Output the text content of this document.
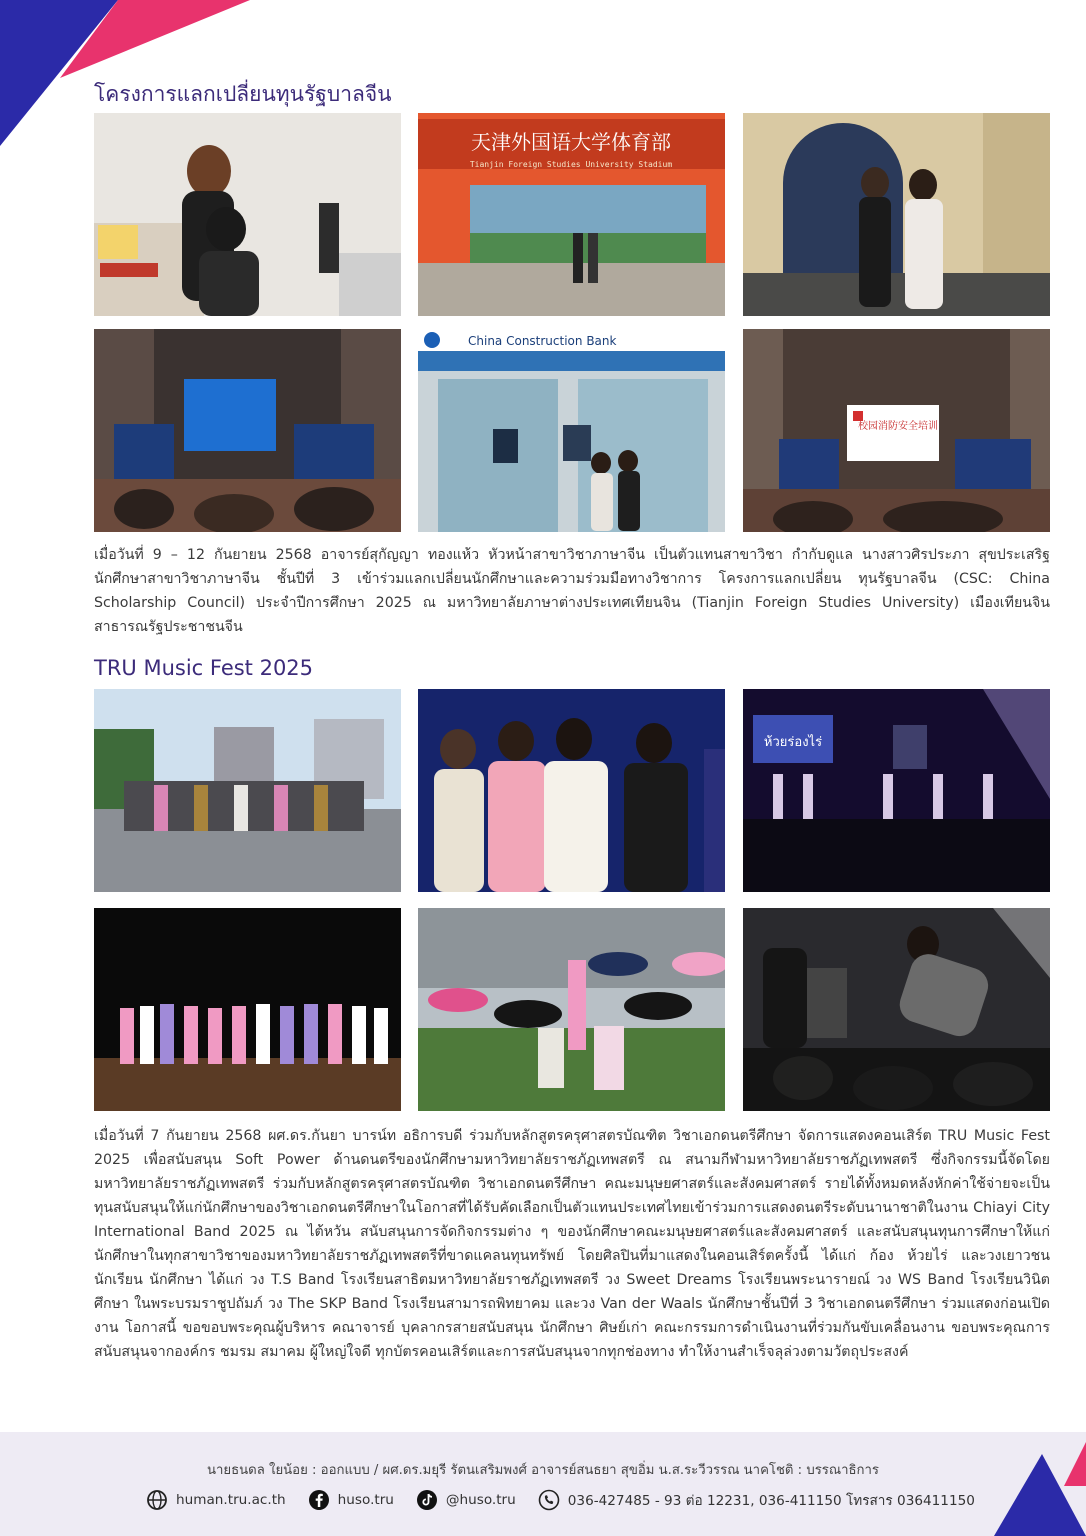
โครงการแลกเปลี่ยนทุนรัฐบาลจีน
天津外国语大学体育部
Tianjin Foreign Studies University Stadium
China Construction Bank
校园消防安全培训

เมื่อวันที่ 9 – 12 กันยายน 2568 อาจารย์สุกัญญา ทองแห้ว หัวหน้าสาขาวิชาภาษาจีน เป็นตัวแทนสาขาวิชา กำกับดูแล นางสาวศิรประภา สุขประเสริฐ นักศึกษาสาขาวิชาภาษาจีน ชั้นปีที่ 3 เข้าร่วมแลกเปลี่ยนนักศึกษาและความร่วมมือทางวิชาการ โครงการแลกเปลี่ยน ทุนรัฐบาลจีน (CSC: China Scholarship Council) ประจำปีการศึกษา 2025 ณ มหาวิทยาลัยภาษาต่างประเทศเทียนจิน (Tianjin Foreign Studies University) เมืองเทียนจิน สาธารณรัฐประชาชนจีน

TRU Music Fest 2025
ห้วยร่องไร่

เมื่อวันที่ 7 กันยายน 2568 ผศ.ดร.กันยา บารน์ท อธิการบดี ร่วมกับหลักสูตรครุศาสตรบัณฑิต วิชาเอกดนตรีศึกษา จัดการแสดงคอนเสิร์ต TRU Music Fest 2025 เพื่อสนับสนุน Soft Power ด้านดนตรีของนักศึกษามหาวิทยาลัยราชภัฏเทพสตรี ณ สนามกีฬามหาวิทยาลัยราชภัฏเทพสตรี ซึ่งกิจกรรมนี้จัดโดยมหาวิทยาลัยราชภัฏเทพสตรี ร่วมกับหลักสูตรครุศาสตรบัณฑิต วิชาเอกดนตรีศึกษา คณะมนุษยศาสตร์และสังคมศาสตร์ รายได้ทั้งหมดหลังหักค่าใช้จ่ายจะเป็นทุนสนับสนุนให้แก่นักศึกษาของวิชาเอกดนตรีศึกษาในโอกาสที่ได้รับคัดเลือกเป็นตัวแทนประเทศไทยเข้าร่วมการแสดงดนตรีระดับนานาชาติในงาน Chiayi City International Band 2025 ณ ไต้หวัน สนับสนุนการจัดกิจกรรมต่าง ๆ ของนักศึกษาคณะมนุษยศาสตร์และสังคมศาสตร์ และสนับสนุนทุนการศึกษาให้แก่นักศึกษาในทุกสาขาวิชาของมหาวิทยาลัยราชภัฏเทพสตรีที่ขาดแคลนทุนทรัพย์ โดยศิลปินที่มาแสดงในคอนเสิร์ตครั้งนี้ ได้แก่ ก้อง ห้วยไร่ และวงเยาวชน นักเรียน นักศึกษา ได้แก่ วง T.S Band โรงเรียนสาธิตมหาวิทยาลัยราชภัฏเทพสตรี วง Sweet Dreams โรงเรียนพระนารายณ์ วง WS Band โรงเรียนวินิตศึกษา ในพระบรมราชูปถัมภ์ วง The SKP Band โรงเรียนสามารถพิทยาคม และวง Van der Waals นักศึกษาชั้นปีที่ 3 วิชาเอกดนตรีศึกษา ร่วมแสดงก่อนเปิดงาน โอกาสนี้ ขอขอบพระคุณผู้บริหาร คณาจารย์ บุคลากรสายสนับสนุน นักศึกษา ศิษย์เก่า คณะกรรมการดำเนินงานที่ร่วมกันขับเคลื่อนงาน ขอบพระคุณการสนับสนุนจากองค์กร ชมรม สมาคม ผู้ใหญ่ใจดี ทุกบัตรคอนเสิร์ตและการสนับสนุนจากทุกช่องทาง ทำให้งานสำเร็จลุล่วงตามวัตถุประสงค์

นายธนดล ใยน้อย : ออกแบบ / ผศ.ดร.มยุรี รัตนเสริมพงศ์ อาจารย์สนธยา สุขอิ่ม น.ส.ระวีวรรณ นาคโชติ : บรรณาธิการ
human.tru.ac.th	huso.tru	@huso.tru	036-427485 - 93 ต่อ 12231, 036-411150 โทรสาร 036411150
